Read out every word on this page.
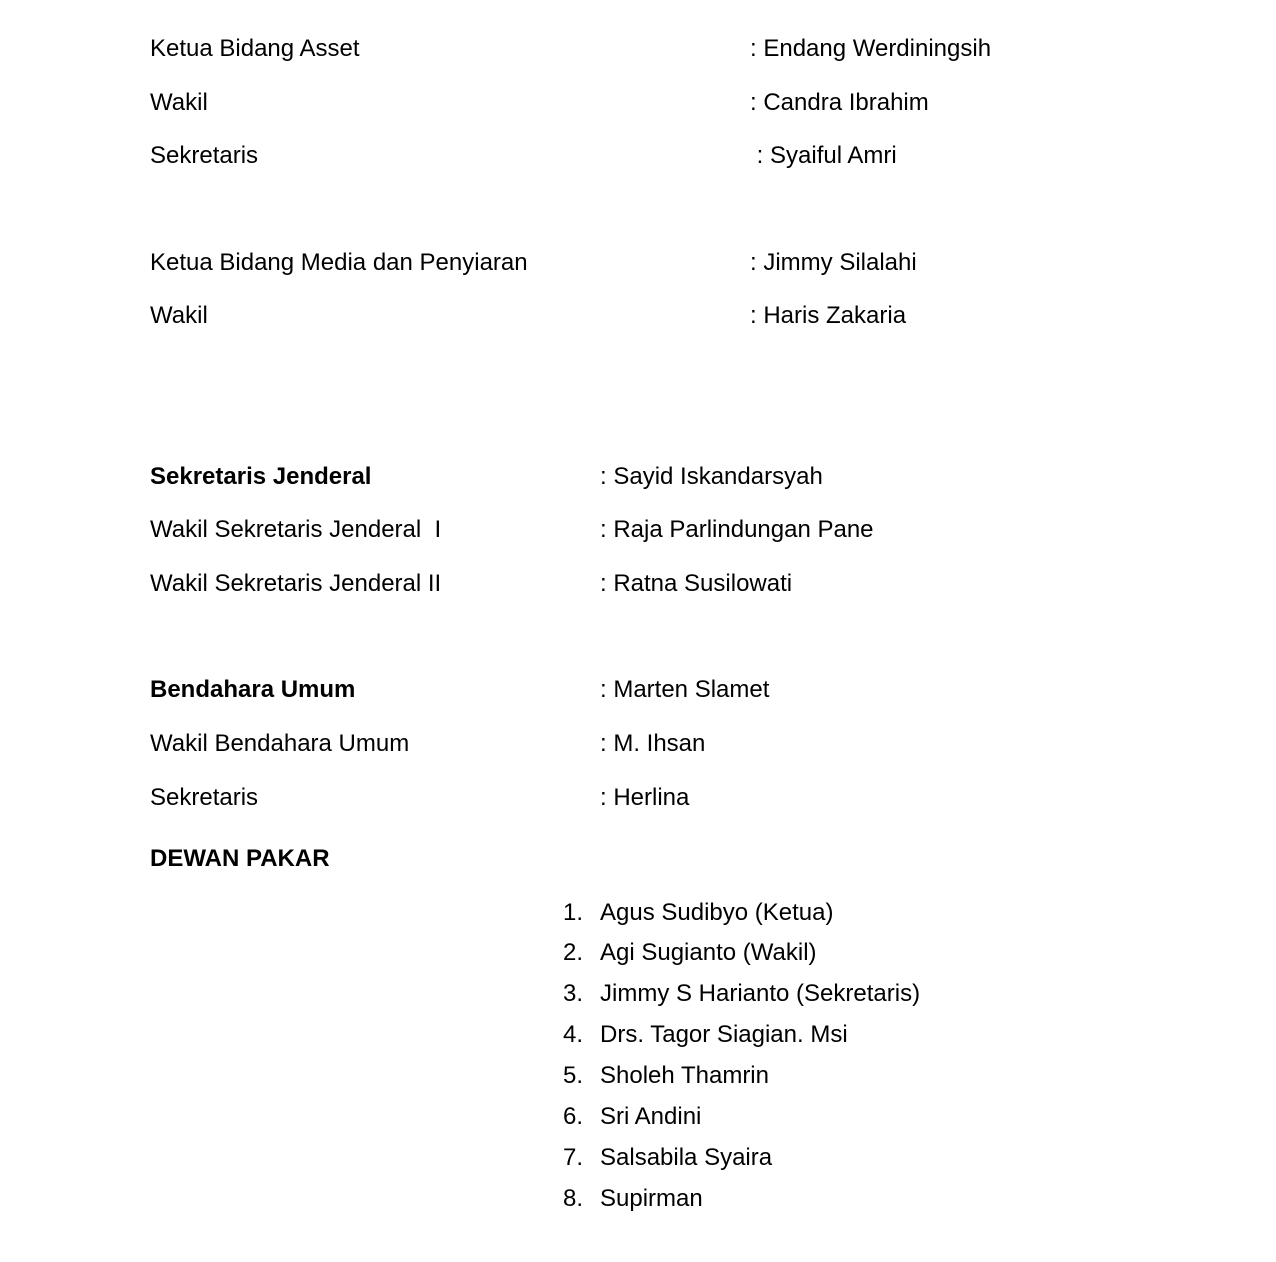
Ketua Bidang Asset	: Endang Werdiningsih
Wakil	: Candra Ibrahim
Sekretaris	: Syaiful Amri
Ketua Bidang Media dan Penyiaran	: Jimmy Silalahi
Wakil	: Haris Zakaria
Sekretaris Jenderal	: Sayid Iskandarsyah
Wakil Sekretaris Jenderal  I	: Raja Parlindungan Pane
Wakil Sekretaris Jenderal II	: Ratna Susilowati
Bendahara Umum	: Marten Slamet
Wakil Bendahara Umum	: M. Ihsan
Sekretaris	: Herlina
DEWAN PAKAR
1. Agus Sudibyo (Ketua)
2. Agi Sugianto (Wakil)
3. Jimmy S Harianto (Sekretaris)
4. Drs. Tagor Siagian. Msi
5. Sholeh Thamrin
6. Sri Andini
7. Salsabila Syaira
8. Supirman
